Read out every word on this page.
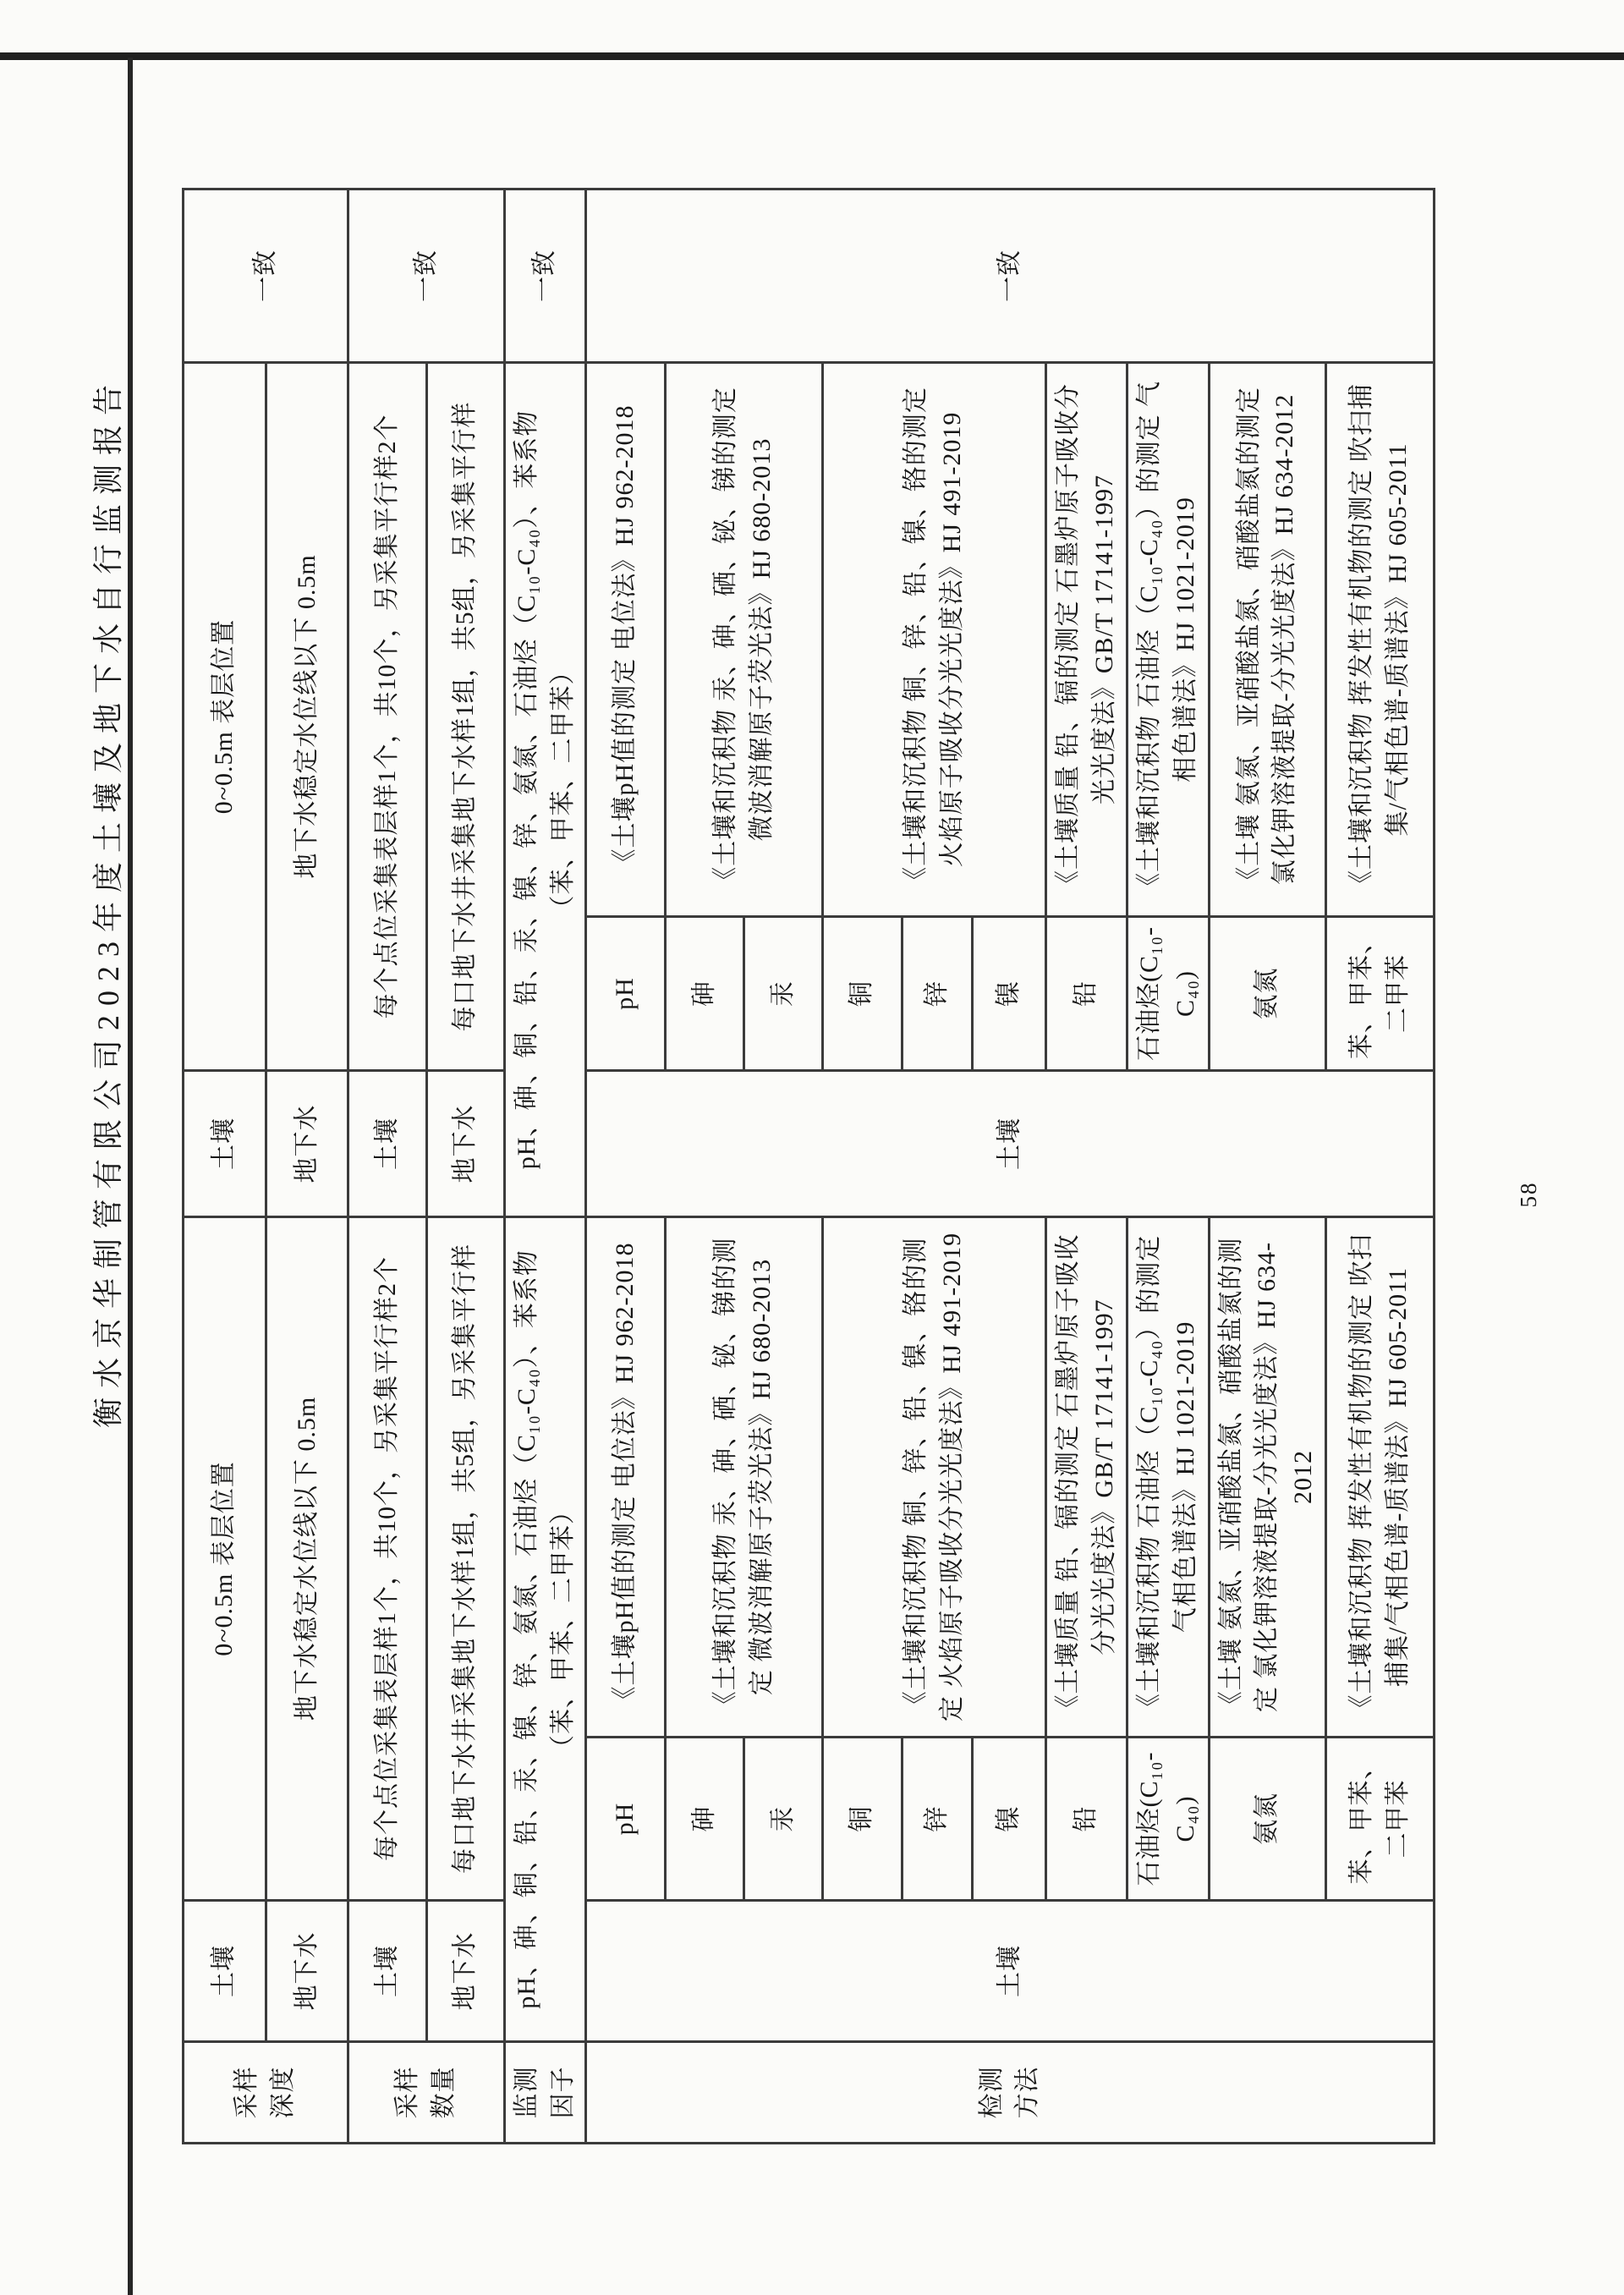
衡水京华制管有限公司2023年度土壤及地下水自行监测报告	58
采样深度	土壤	0~0.5m 表层位置		土壤	0~0.5m 表层位置		一致
	地下水	地下水稳定水位线以下 0.5m		地下水	地下水稳定水位线以下 0.5m		
采样数量	土壤	每个点位采集表层样1个，共10个，另采集平行样2个		土壤	每个点位采集表层样1个，共10个，另采集平行样2个		一致
	地下水	每口地下水井采集地下水样1组，共5组，另采集平行样		地下水	每口地下水井采集地下水样1组，共5组，另采集平行样		
监测因子	pH、砷、铜、铅、汞、镍、锌、氨氮、石油烃（C₁₀-C₄₀）、苯系物（苯、甲苯、二甲苯）			pH、砷、铜、铅、汞、镍、锌、氨氮、石油烃（C₁₀-C₄₀）、苯系物（苯、甲苯、二甲苯）			一致
检测方法	土壤	pH	《土壤pH值的测定 电位法》HJ 962-2018	土壤	pH	《土壤pH值的测定 电位法》HJ 962-2018	一致
		砷	《土壤和沉积物 汞、砷、硒、铋、锑的测定 微波消解原子荧光法》HJ 680-2013		砷	《土壤和沉积物 汞、砷、硒、铋、锑的测定 微波消解原子荧光法》HJ 680-2013	
		汞			汞		
		铜	《土壤和沉积物 铜、锌、铅、镍、铬的测定 火焰原子吸收分光光度法》HJ 491-2019		铜	《土壤和沉积物 铜、锌、铅、镍、铬的测定 火焰原子吸收分光光度法》HJ 491-2019	
		锌			锌		
		镍			镍		
		铅	《土壤质量 铅、镉的测定 石墨炉原子吸收分光光度法》GB/T 17141-1997		铅	《土壤质量 铅、镉的测定 石墨炉原子吸收分光光度法》GB/T 17141-1997	
		石油烃(C₁₀-C₄₀)	《土壤和沉积物 石油烃（C₁₀-C₄₀）的测定 气相色谱法》HJ 1021-2019		石油烃(C₁₀-C₄₀)	《土壤和沉积物 石油烃（C₁₀-C₄₀）的测定 气相色谱法》HJ 1021-2019	
		氨氮	《土壤 氨氮、亚硝酸盐氮、硝酸盐氮的测定 氯化钾溶液提取-分光光度法》HJ 634-2012		氨氮	《土壤 氨氮、亚硝酸盐氮、硝酸盐氮的测定 氯化钾溶液提取-分光光度法》HJ 634-2012	
		苯、甲苯、二甲苯	《土壤和沉积物 挥发性有机物的测定 吹扫捕集/气相色谱-质谱法》HJ 605-2011		苯、甲苯、二甲苯	《土壤和沉积物 挥发性有机物的测定 吹扫捕集/气相色谱-质谱法》HJ 605-2011	
